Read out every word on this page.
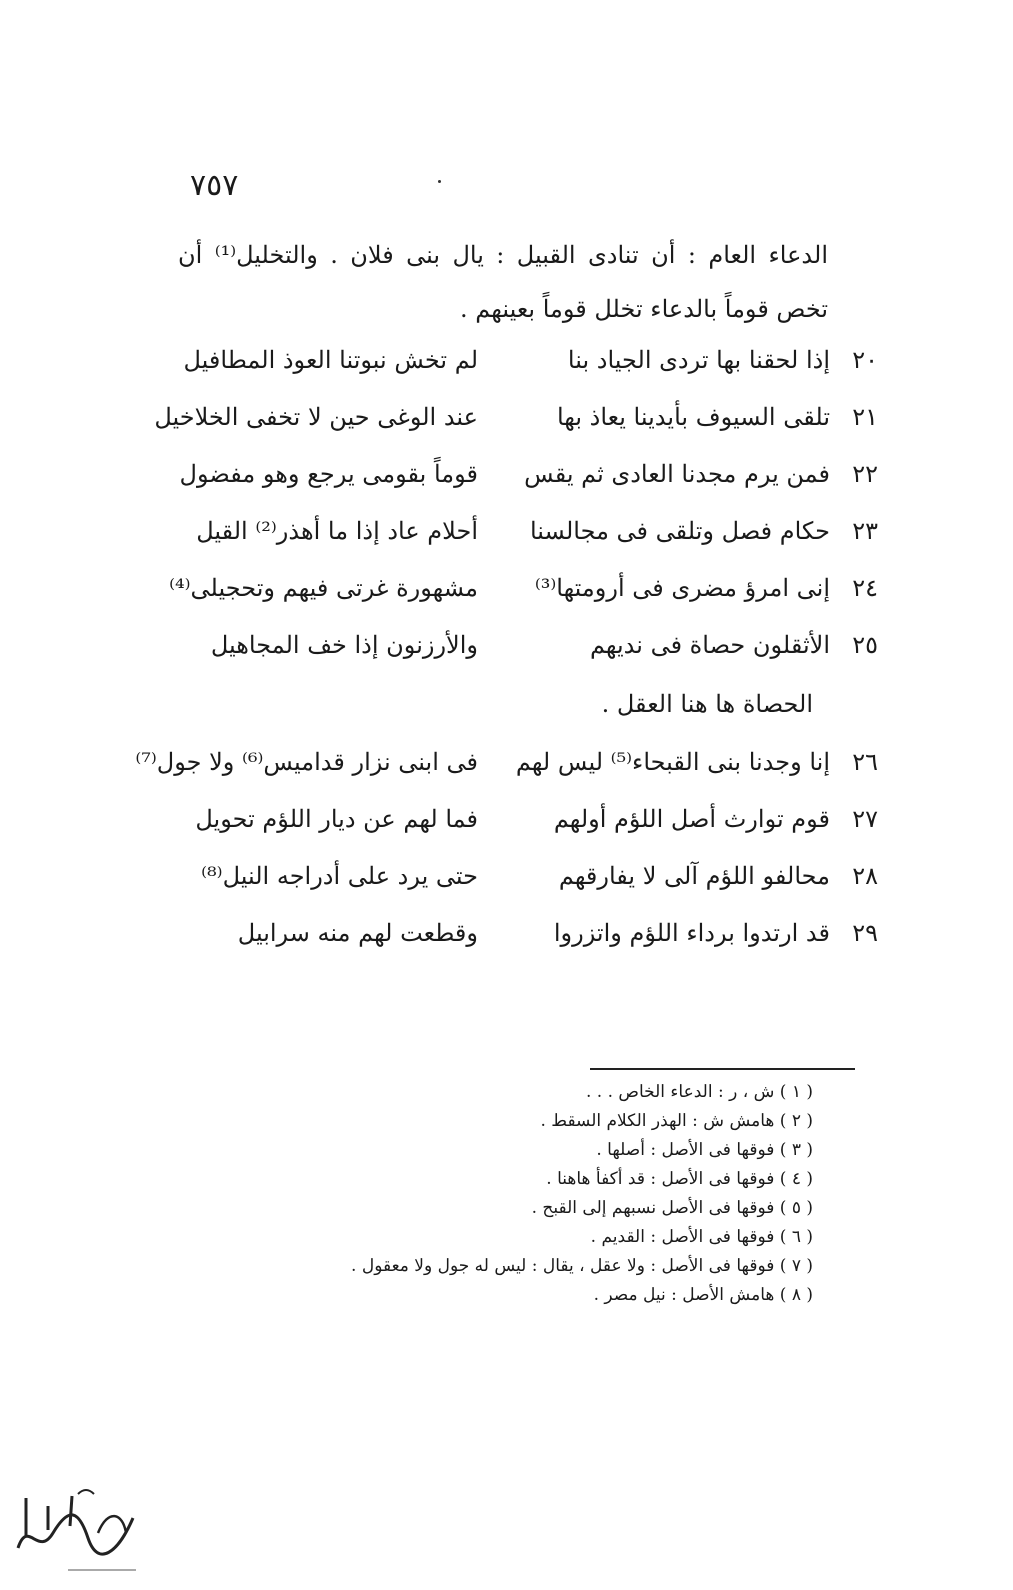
٧٥٧
الدعاء العام : أن تنادى القبيل : يال بنى فلان . والتخليل⁽¹⁾ أن تخص قوماً بالدعاء تخلل قوماً بعينهم .
٢٠
إذا لحقنا بها تردى الجياد بنا
لم تخش نبوتنا العوذ المطافيل
٢١
تلقى السيوف بأيدينا يعاذ بها
عند الوغى حين لا تخفى الخلاخيل
٢٢
فمن يرم مجدنا العادى ثم يقس
قوماً بقومى يرجع وهو مفضول
٢٣
حكام فصل وتلقى فى مجالسنا
أحلام عاد إذا ما أهذر⁽²⁾ القيل
٢٤
إنى امرؤ مضرى فى أرومتها⁽³⁾
مشهورة غرتى فيهم وتحجيلى⁽⁴⁾
٢٥
الأثقلون حصاة فى نديهم
والأرزنون إذا خف المجاهيل
الحصاة ها هنا العقل .
٢٦
إنا وجدنا بنى القبحاء⁽⁵⁾ ليس لهم
فى ابنى نزار قداميس⁽⁶⁾ ولا جول⁽⁷⁾
٢٧
قوم توارث أصل اللؤم أولهم
فما لهم عن ديار اللؤم تحويل
٢٨
محالفو اللؤم آلى لا يفارقهم
حتى يرد على أدراجه النيل⁽⁸⁾
٢٩
قد ارتدوا برداء اللؤم واتزروا
وقطعت لهم منه سرابيل
( ١ ) ش ، ر : الدعاء الخاص . . .
( ٢ ) هامش ش : الهذر الكلام السقط .
( ٣ ) فوقها فى الأصل : أصلها .
( ٤ ) فوقها فى الأصل : قد أكفأ هاهنا .
( ٥ ) فوقها فى الأصل نسبهم إلى القبح .
( ٦ ) فوقها فى الأصل : القديم .
( ٧ ) فوقها فى الأصل : ولا عقل ، يقال : ليس له جول ولا معقول .
( ٨ ) هامش الأصل : نيل مصر .
